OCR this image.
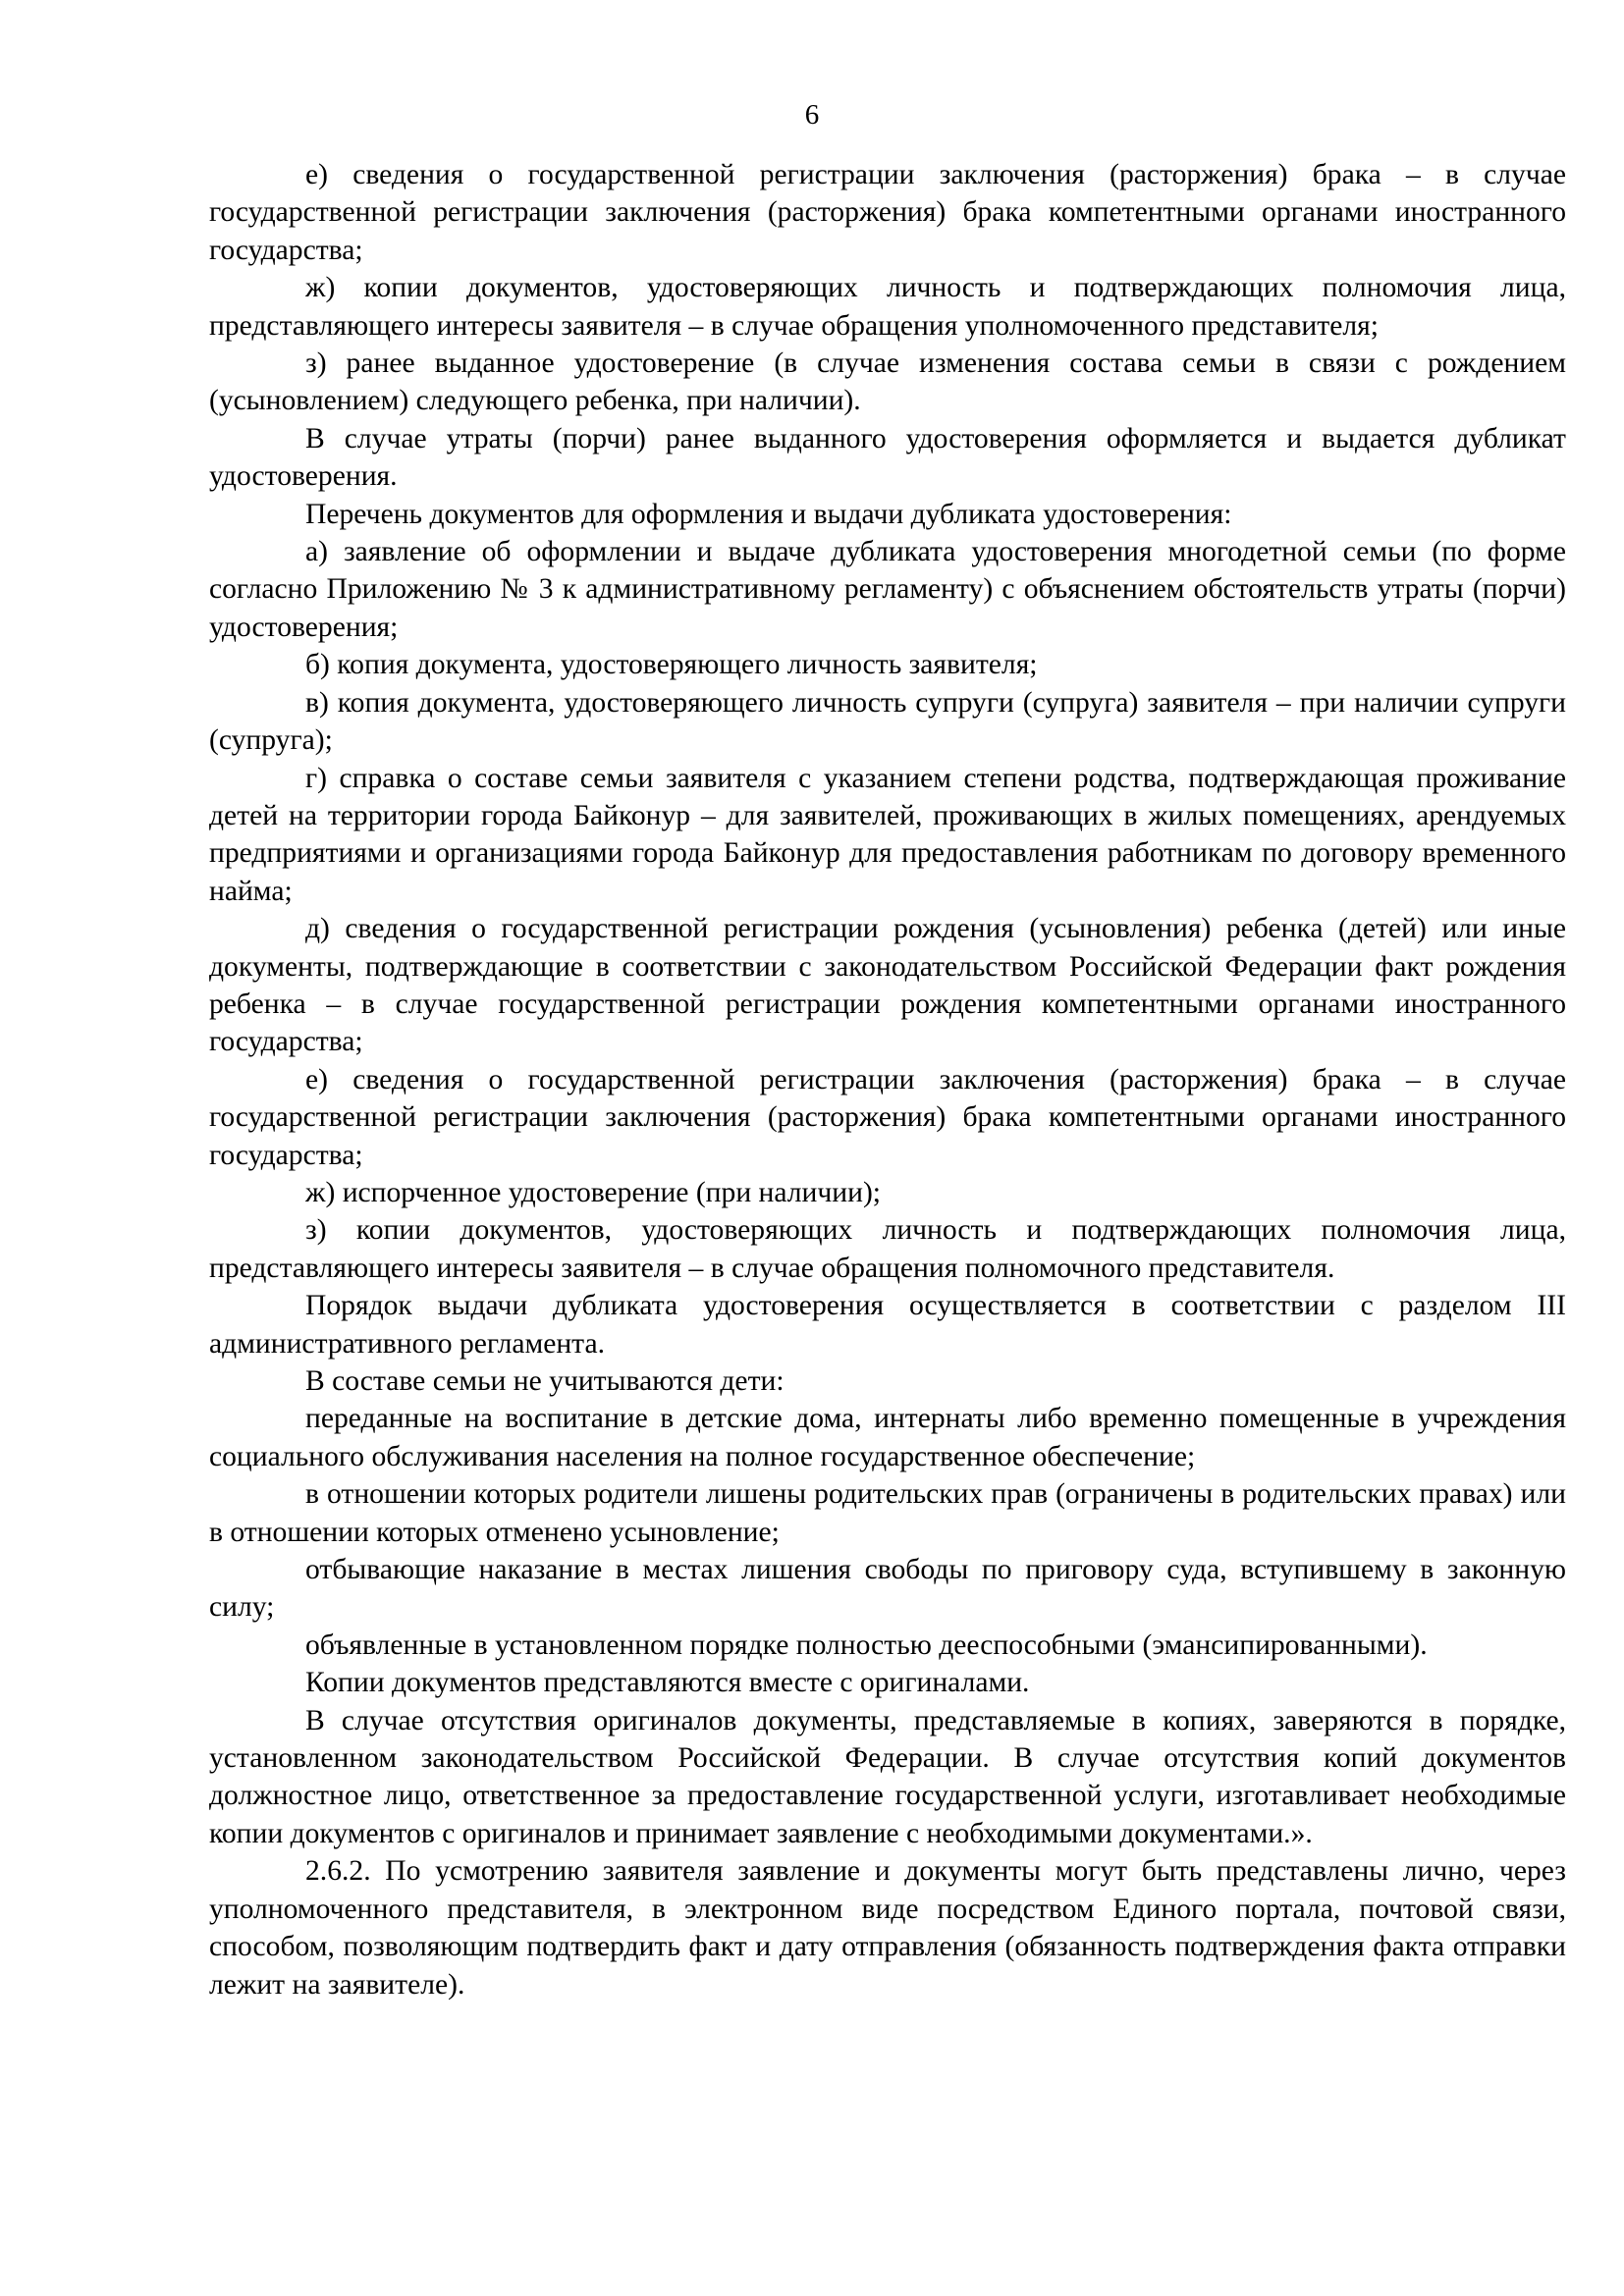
6

е) сведения о государственной регистрации заключения (расторжения) брака – в случае государственной регистрации заключения (расторжения) брака компетентными органами иностранного государства;

ж) копии документов, удостоверяющих личность и подтверждающих полномочия лица, представляющего интересы заявителя – в случае обращения уполномоченного представителя;

з) ранее выданное удостоверение (в случае изменения состава семьи в связи с рождением (усыновлением) следующего ребенка, при наличии).

В случае утраты (порчи) ранее выданного удостоверения оформляется и выдается дубликат удостоверения.

Перечень документов для оформления и выдачи дубликата удостоверения:

а) заявление об оформлении и выдаче дубликата удостоверения многодетной семьи (по форме согласно Приложению № 3 к административному регламенту) с объяснением обстоятельств утраты (порчи) удостоверения;

б) копия документа, удостоверяющего личность заявителя;

в) копия документа, удостоверяющего личность супруги (супруга) заявителя – при наличии супруги (супруга);

г) справка о составе семьи заявителя с указанием степени родства, подтверждающая проживание детей на территории города Байконур – для заявителей, проживающих в жилых помещениях, арендуемых предприятиями и организациями города Байконур для предоставления работникам по договору временного найма;

д) сведения о государственной регистрации рождения (усыновления) ребенка (детей) или иные документы, подтверждающие в соответствии с законодательством Российской Федерации факт рождения ребенка – в случае государственной регистрации рождения компетентными органами иностранного государства;

е) сведения о государственной регистрации заключения (расторжения) брака – в случае государственной регистрации заключения (расторжения) брака компетентными органами иностранного государства;

ж) испорченное удостоверение (при наличии);

з) копии документов, удостоверяющих личность и подтверждающих полномочия лица, представляющего интересы заявителя – в случае обращения полномочного представителя.

Порядок выдачи дубликата удостоверения осуществляется в соответствии с разделом III административного регламента.

В составе семьи не учитываются дети:

переданные на воспитание в детские дома, интернаты либо временно помещенные в учреждения социального обслуживания населения на полное государственное обеспечение;

в отношении которых родители лишены родительских прав (ограничены в родительских правах) или в отношении которых отменено усыновление;

отбывающие наказание в местах лишения свободы по приговору суда, вступившему в законную силу;

объявленные в установленном порядке полностью дееспособными (эмансипированными).

Копии документов представляются вместе с оригиналами.

В случае отсутствия оригиналов документы, представляемые в копиях, заверяются в порядке, установленном законодательством Российской Федерации. В случае отсутствия копий документов должностное лицо, ответственное за предоставление государственной услуги, изготавливает необходимые копии документов с оригиналов и принимает заявление с необходимыми документами.».

2.6.2. По усмотрению заявителя заявление и документы могут быть представлены лично, через уполномоченного представителя, в электронном виде посредством Единого портала, почтовой связи, способом, позволяющим подтвердить факт и дату отправления (обязанность подтверждения факта отправки лежит на заявителе).
